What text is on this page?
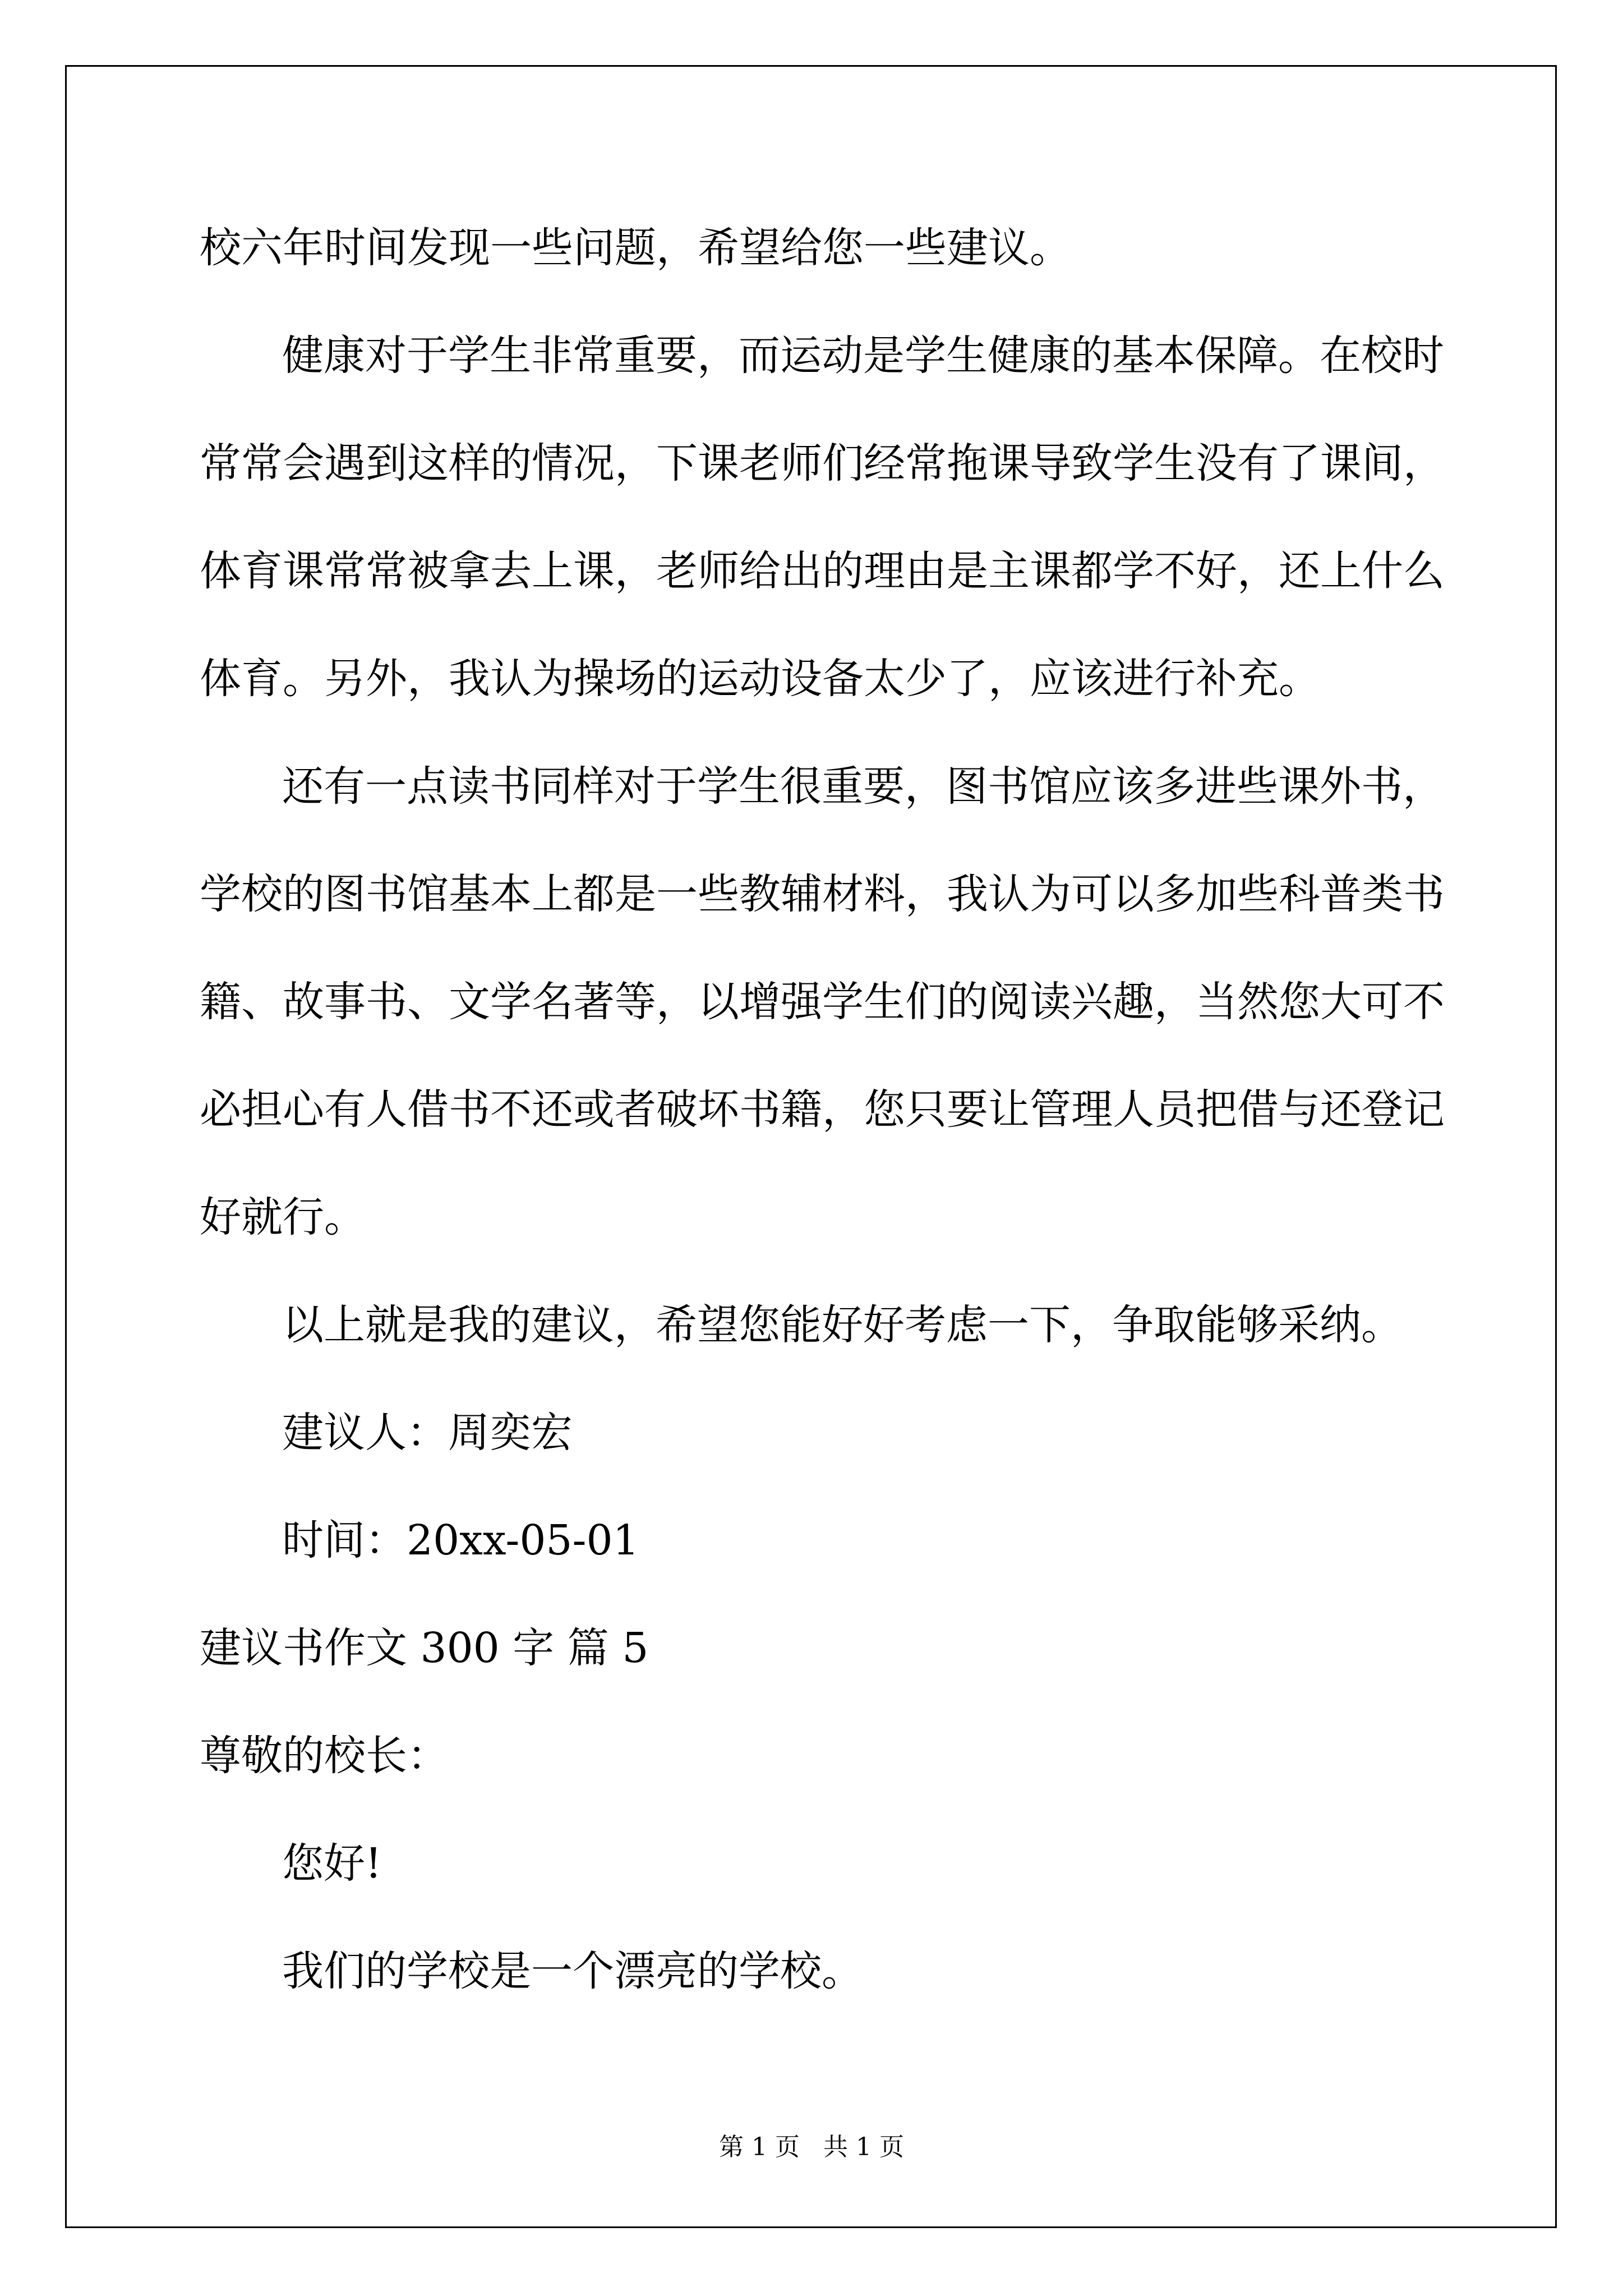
校六年时间发现一些问题，希望给您一些建议。
健康对于学生非常重要，而运动是学生健康的基本保障。在校时
常常会遇到这样的情况，下课老师们经常拖课导致学生没有了课间，
体育课常常被拿去上课，老师给出的理由是主课都学不好，还上什么
体育。另外，我认为操场的运动设备太少了，应该进行补充。
还有一点读书同样对于学生很重要，图书馆应该多进些课外书，
学校的图书馆基本上都是一些教辅材料，我认为可以多加些科普类书
籍、故事书、文学名著等，以增强学生们的阅读兴趣，当然您大可不
必担心有人借书不还或者破坏书籍，您只要让管理人员把借与还登记
好就行。
以上就是我的建议，希望您能好好考虑一下，争取能够采纳。
建议人：周奕宏
时间：20xx-05-01
建议书作文 300 字 篇 5
尊敬的校长：
您好!
我们的学校是一个漂亮的学校。
第 1 页   共 1 页
